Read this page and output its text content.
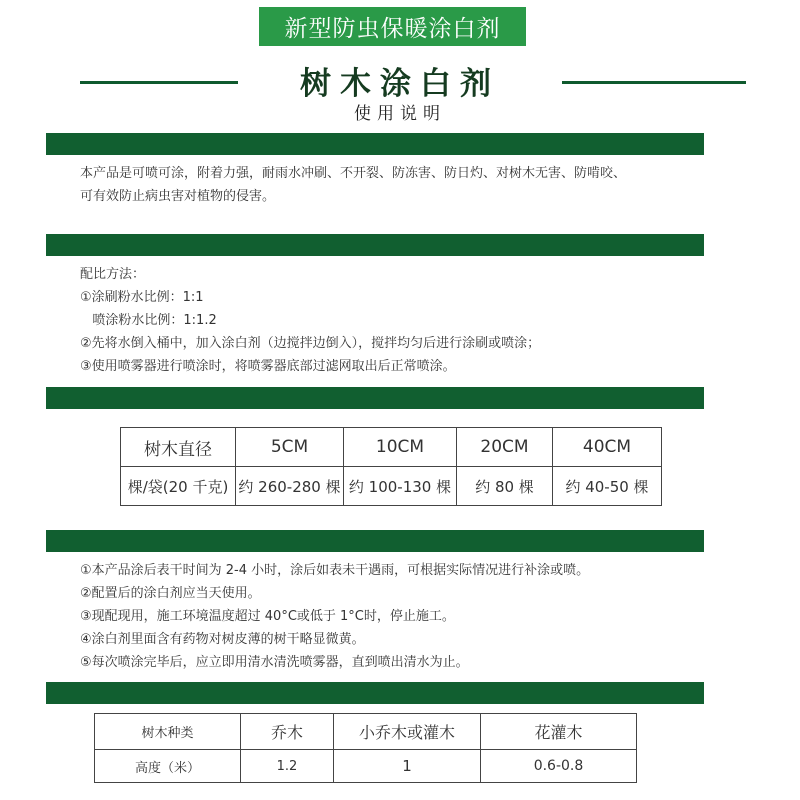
新型防虫保暖涂白剂
树木涂白剂
使用说明
本产品是可喷可涂，附着力强，耐雨水冲刷、不开裂、防冻害、防日灼、对树木无害、防啃咬、
可有效防止病虫害对植物的侵害。
配比方法：
①涂刷粉水比例：1:1
喷涂粉水比例：1:1.2
②先将水倒入桶中，加入涂白剂（边搅拌边倒入），搅拌均匀后进行涂刷或喷涂；
③使用喷雾器进行喷涂时，将喷雾器底部过滤网取出后正常喷涂。
树木直径	5CM	10CM	20CM	40CM
棵/袋(20 千克)	约 260-280 棵	约 100-130 棵	约 80 棵	约 40-50 棵
①本产品涂后表干时间为 2-4 小时，涂后如表未干遇雨，可根据实际情况进行补涂或喷。
②配置后的涂白剂应当天使用。
③现配现用，施工环境温度超过 40°C或低于 1°C时，停止施工。
④涂白剂里面含有药物对树皮薄的树干略显微黄。
⑤每次喷涂完毕后，应立即用清水清洗喷雾器，直到喷出清水为止。
树木种类	乔木	小乔木或灌木	花灌木
高度（米）	1.2	1	0.6-0.8
